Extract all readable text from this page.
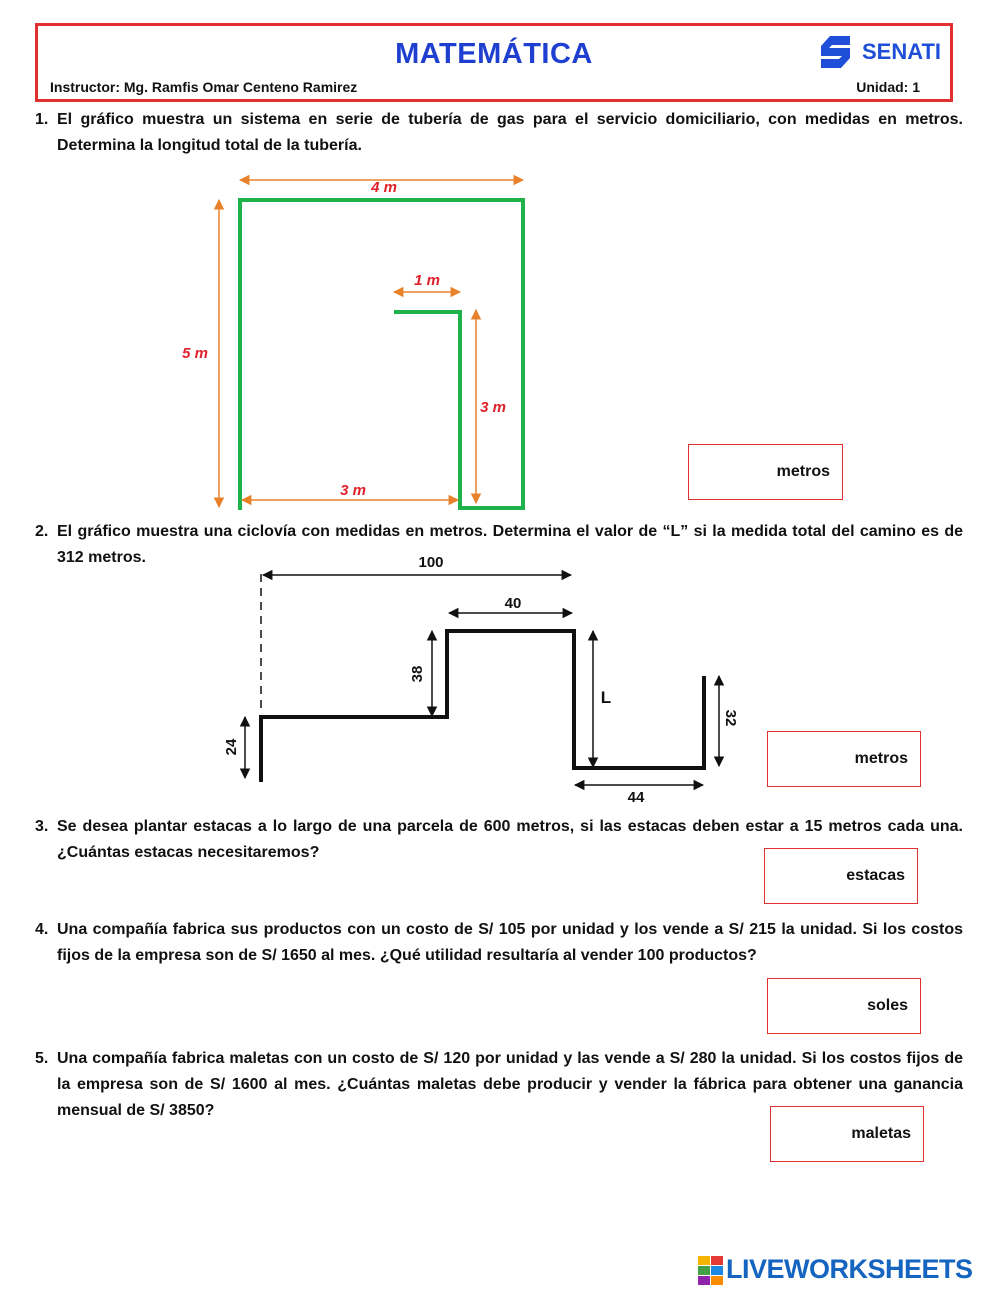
MATEMÁTICA
Instructor: Mg. Ramfis Omar Centeno Ramirez	Unidad: 1
SENATI
1. El gráfico muestra un sistema en serie de tubería de gas para el servicio domiciliario, con medidas en metros. Determina la longitud total de la tubería.
4 m
5 m
1 m
3 m
3 m
metros
2. El gráfico muestra una ciclovía con medidas en metros. Determina el valor de “L” si la medida total del camino es de 312 metros.	100
40
38
L
24
44
32
metros
3. Se desea plantar estacas a lo largo de una parcela de 600 metros, si las estacas deben estar a 15 metros cada una. ¿Cuántas estacas necesitaremos?
estacas
4. Una compañía fabrica sus productos con un costo de S/ 105 por unidad y los vende a S/ 215 la unidad. Si los costos fijos de la empresa son de S/ 1650 al mes. ¿Qué utilidad resultaría al vender 100 productos?
soles
5. Una compañía fabrica maletas con un costo de S/ 120 por unidad y las vende a S/ 280 la unidad. Si los costos fijos de la empresa son de S/ 1600 al mes. ¿Cuántas maletas debe producir y vender la fábrica para obtener una ganancia mensual de S/ 3850?
maletas
LIVEWORKSHEETS
